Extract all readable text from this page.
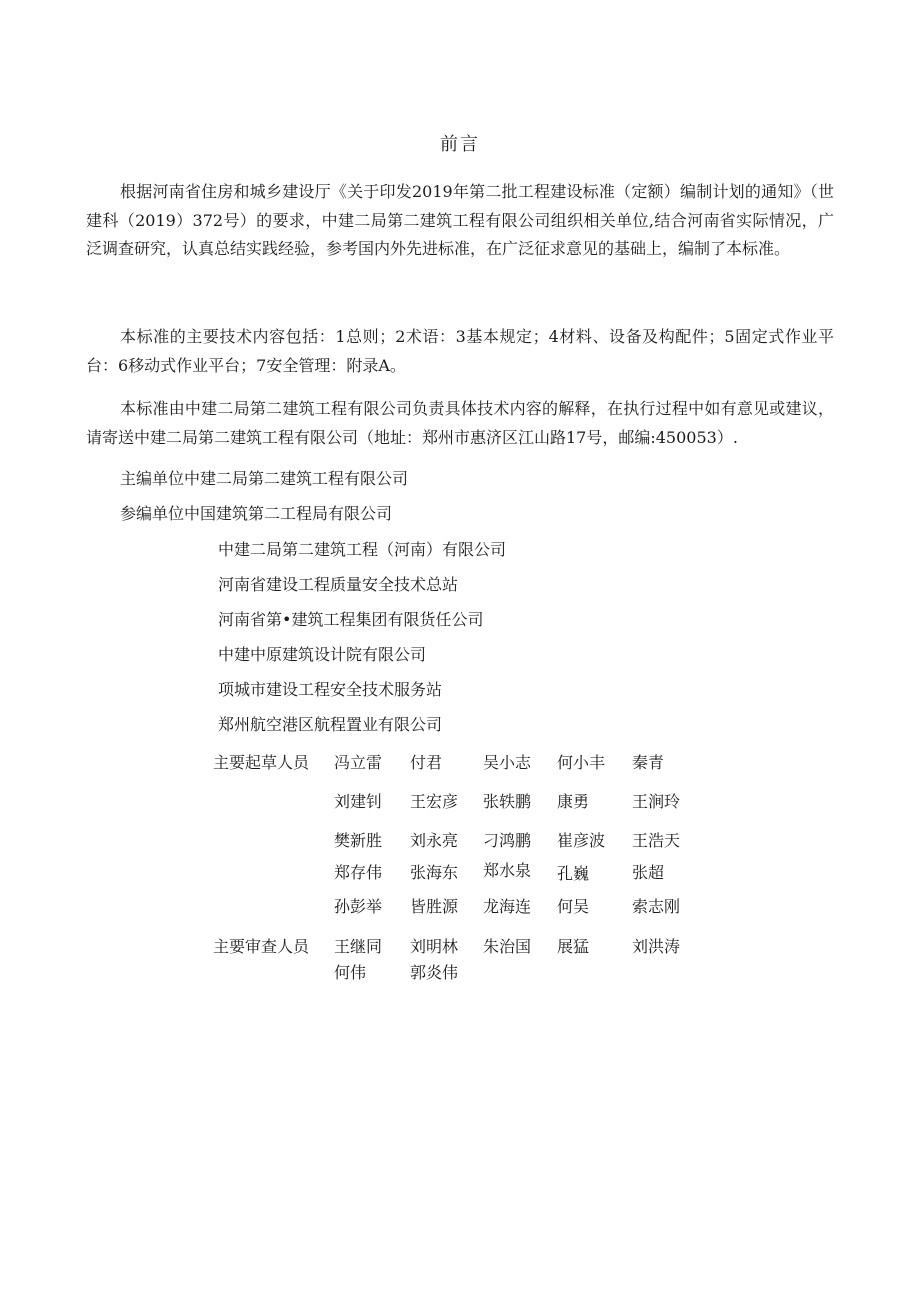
前言

根据河南省住房和城乡建设厅《关于印发2019年第二批工程建设标准（定额）编制计划的通知》（世建科（2019）372号）的要求，中建二局第二建筑工程有限公司组织相关单位,结合河南省实际情况，广泛调查研究，认真总结实践经验，参考国内外先进标准，在广泛征求意见的基础上，编制了本标准。

本标准的主要技术内容包括：1总则；2术语：3基本规定；4材料、设备及构配件；5固定式作业平台：6移动式作业平台；7安全管理：附录A。

本标准由中建二局第二建筑工程有限公司负责具体技术内容的解释，在执行过程中如有意见或建议，请寄送中建二局第二建筑工程有限公司（地址：郑州市惠济区江山路17号，邮编:450053）.

主编单位中建二局第二建筑工程有限公司
参编单位中国建筑第二工程局有限公司
中建二局第二建筑工程（河南）有限公司
河南省建设工程质量安全技术总站
河南省第•建筑工程集团有限货任公司
中建中原建筑设计院有限公司
项城市建设工程安全技术服务站
郑州航空港区航程置业有限公司
主要起草人员 冯立雷 付君	吴小志 何小丰 秦青
刘建钊 王宏彦 张轶鹏 康勇	王涧玲
樊新胜 刘永亮 刁鸿鹏 崔彦波 王浩天
郑存伟 张海东 郑水泉 孔巍	张超
孙彭举 皆胜源 龙海连 何吴	索志刚
主要审查人员 王继同 刘明林 朱治国 展猛	刘洪涛
何伟	郭炎伟
